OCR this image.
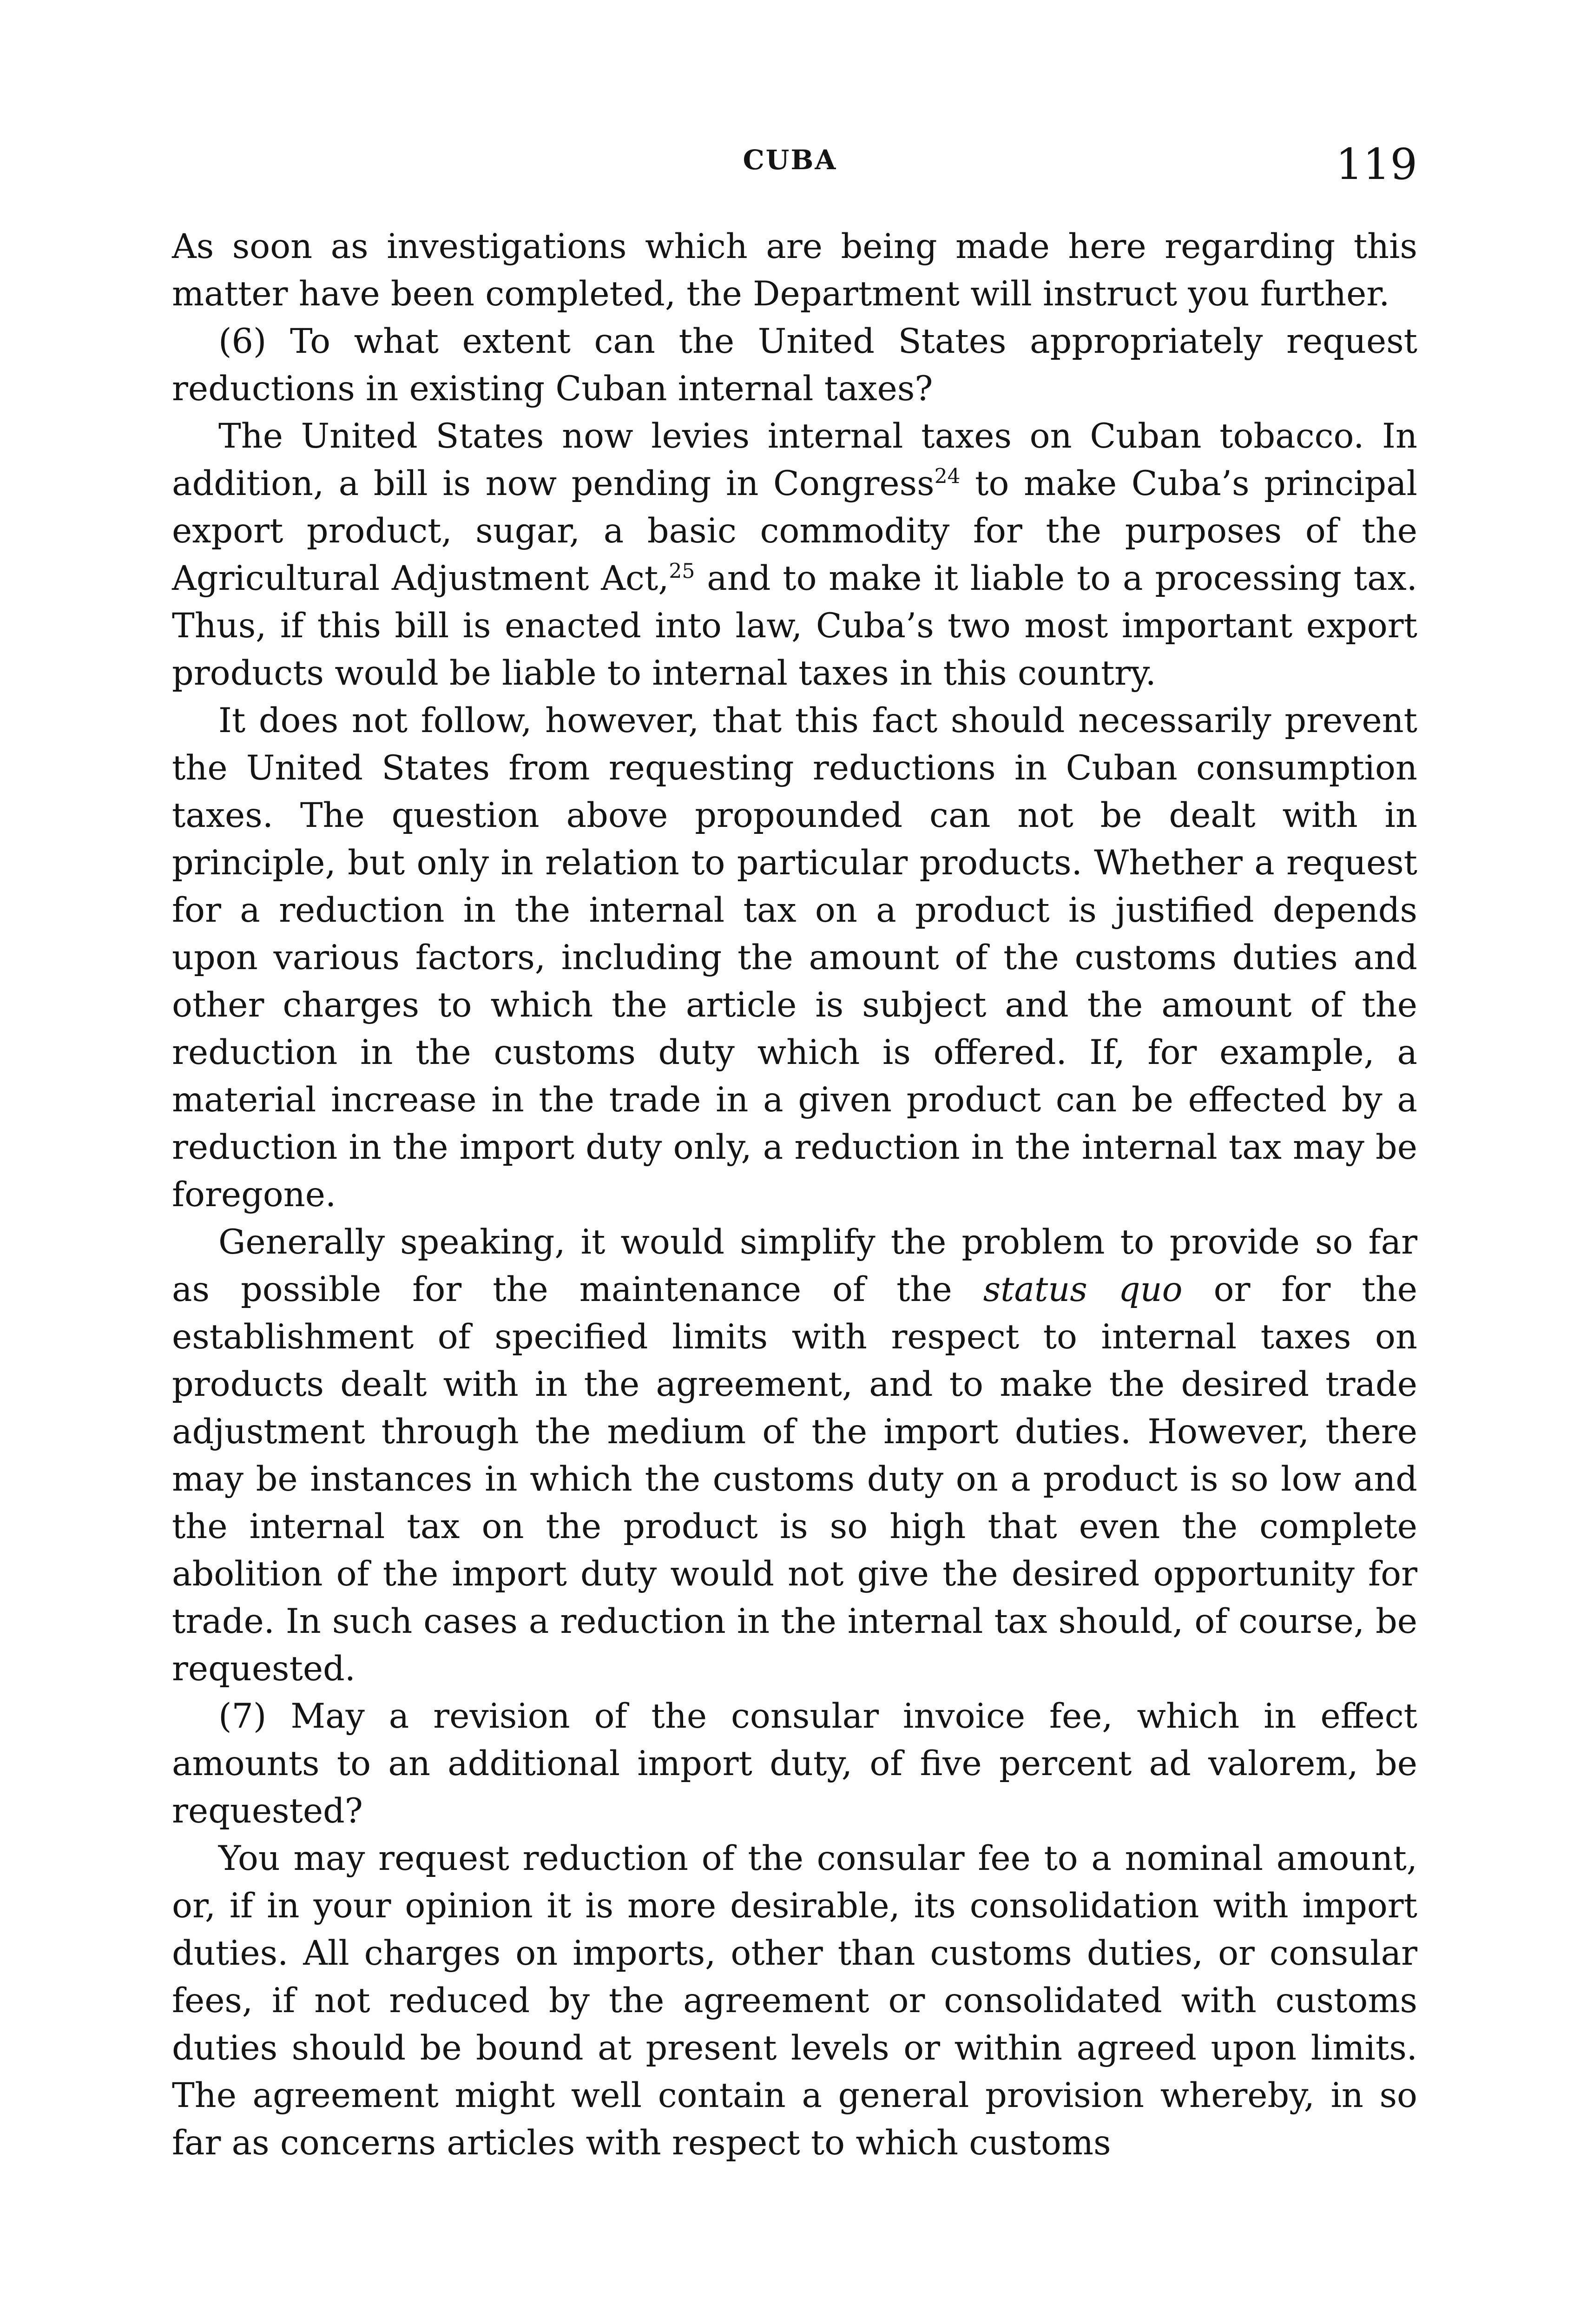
CUBA	119

As soon as investigations which are being made here regarding this matter have been completed, the Department will instruct you further.

(6) To what extent can the United States appropriately request reductions in existing Cuban internal taxes?

The United States now levies internal taxes on Cuban tobacco. In addition, a bill is now pending in Congress$^{24}$ to make Cuba’s principal export product, sugar, a basic commodity for the purposes of the Agricultural Adjustment Act,$^{25}$ and to make it liable to a processing tax. Thus, if this bill is enacted into law, Cuba’s two most important export products would be liable to internal taxes in this country.

It does not follow, however, that this fact should necessarily prevent the United States from requesting reductions in Cuban consumption taxes. The question above propounded can not be dealt with in principle, but only in relation to particular products. Whether a request for a reduction in the internal tax on a product is justified depends upon various factors, including the amount of the customs duties and other charges to which the article is subject and the amount of the reduction in the customs duty which is offered. If, for example, a material increase in the trade in a given product can be effected by a reduction in the import duty only, a reduction in the internal tax may be foregone.

Generally speaking, it would simplify the problem to provide so far as possible for the maintenance of the status quo or for the establishment of specified limits with respect to internal taxes on products dealt with in the agreement, and to make the desired trade adjustment through the medium of the import duties. However, there may be instances in which the customs duty on a product is so low and the internal tax on the product is so high that even the complete abolition of the import duty would not give the desired opportunity for trade. In such cases a reduction in the internal tax should, of course, be requested.

(7) May a revision of the consular invoice fee, which in effect amounts to an additional import duty, of five percent ad valorem, be requested?

You may request reduction of the consular fee to a nominal amount, or, if in your opinion it is more desirable, its consolidation with import duties. All charges on imports, other than customs duties, or consular fees, if not reduced by the agreement or consolidated with customs duties should be bound at present levels or within agreed upon limits. The agreement might well contain a general provision whereby, in so far as concerns articles with respect to which customs
